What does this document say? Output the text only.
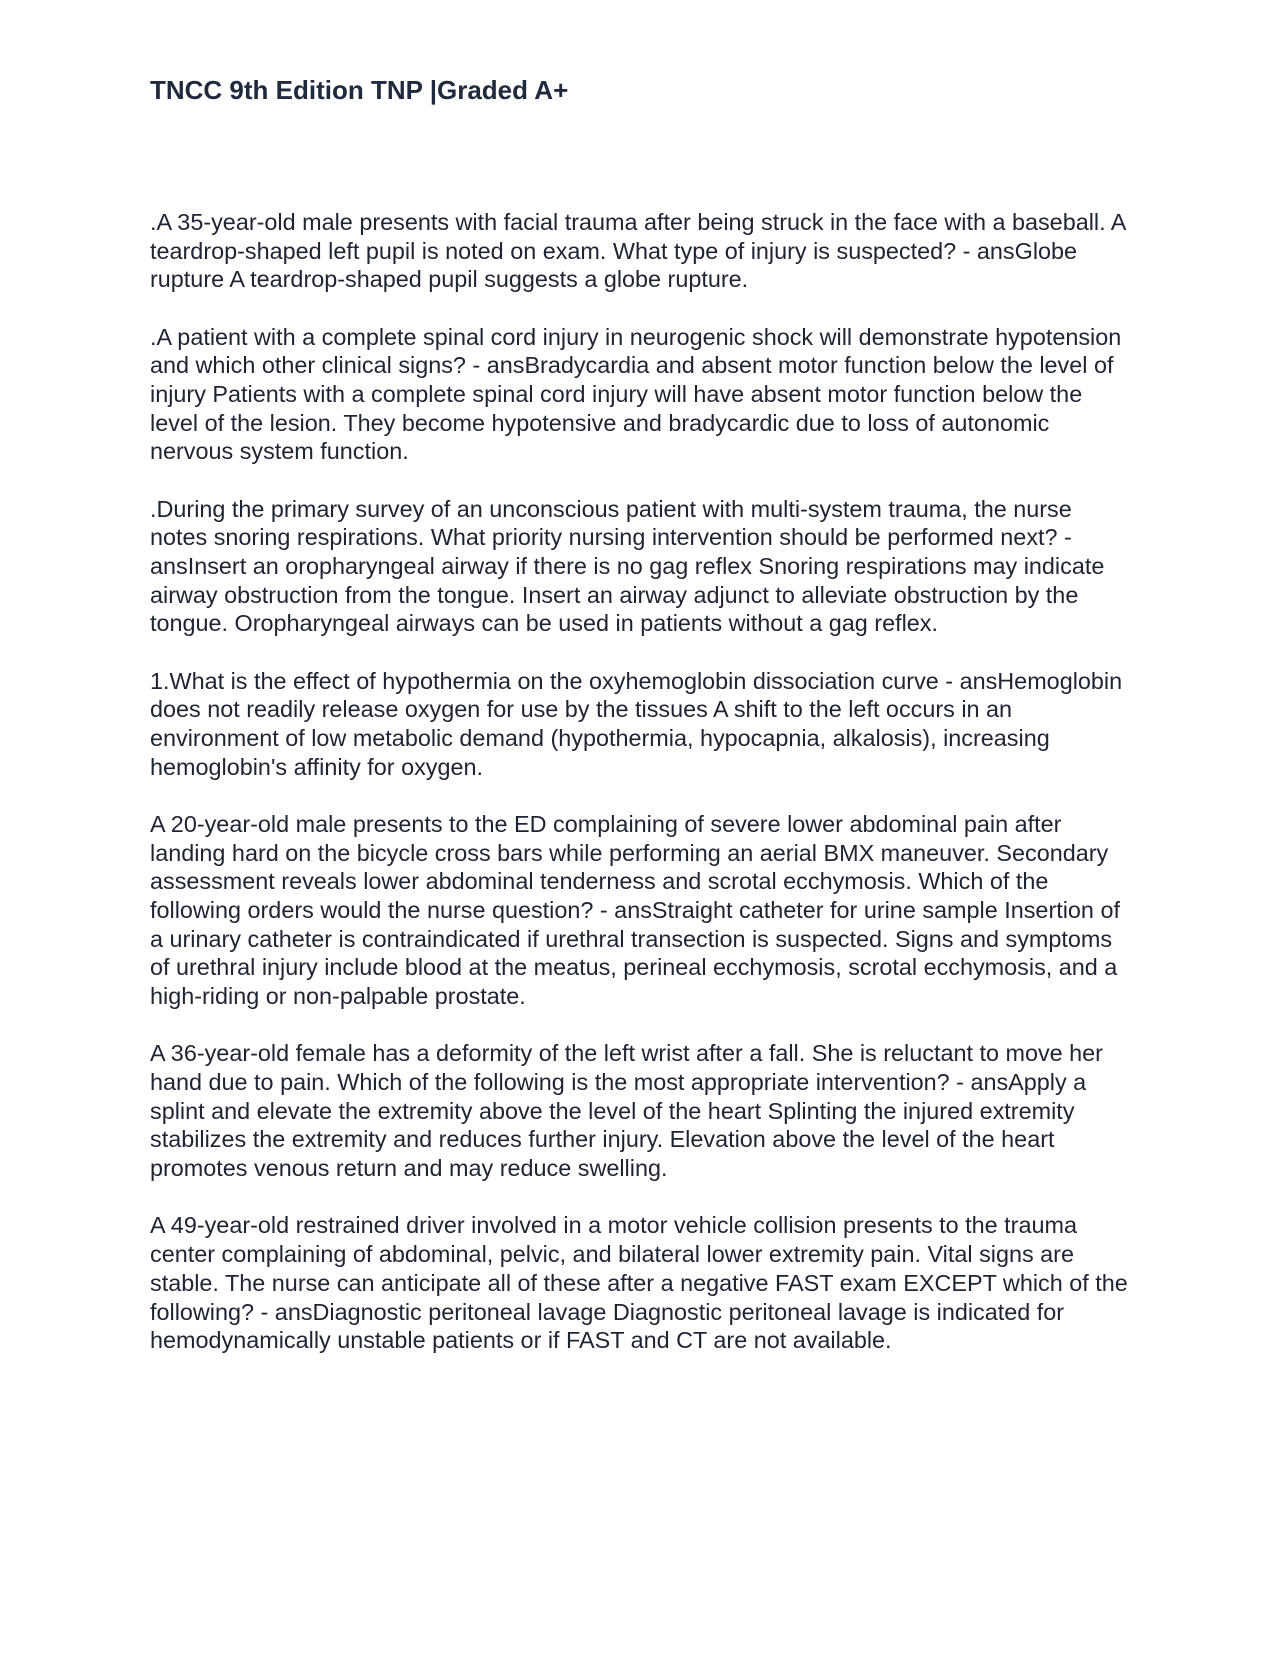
TNCC 9th Edition TNP |Graded A+

.A 35-year-old male presents with facial trauma after being struck in the face with a baseball. A teardrop-shaped left pupil is noted on exam. What type of injury is suspected? - ansGlobe rupture A teardrop-shaped pupil suggests a globe rupture.

.A patient with a complete spinal cord injury in neurogenic shock will demonstrate hypotension and which other clinical signs? - ansBradycardia and absent motor function below the level of injury Patients with a complete spinal cord injury will have absent motor function below the level of the lesion. They become hypotensive and bradycardic due to loss of autonomic nervous system function.

.During the primary survey of an unconscious patient with multi-system trauma, the nurse notes snoring respirations. What priority nursing intervention should be performed next? - ansInsert an oropharyngeal airway if there is no gag reflex Snoring respirations may indicate airway obstruction from the tongue. Insert an airway adjunct to alleviate obstruction by the tongue. Oropharyngeal airways can be used in patients without a gag reflex.

1.What is the effect of hypothermia on the oxyhemoglobin dissociation curve - ansHemoglobin does not readily release oxygen for use by the tissues A shift to the left occurs in an environment of low metabolic demand (hypothermia, hypocapnia, alkalosis), increasing hemoglobin's affinity for oxygen.

A 20-year-old male presents to the ED complaining of severe lower abdominal pain after landing hard on the bicycle cross bars while performing an aerial BMX maneuver. Secondary assessment reveals lower abdominal tenderness and scrotal ecchymosis. Which of the following orders would the nurse question? - ansStraight catheter for urine sample Insertion of a urinary catheter is contraindicated if urethral transection is suspected. Signs and symptoms of urethral injury include blood at the meatus, perineal ecchymosis, scrotal ecchymosis, and a high-riding or non-palpable prostate.

A 36-year-old female has a deformity of the left wrist after a fall. She is reluctant to move her hand due to pain. Which of the following is the most appropriate intervention? - ansApply a splint and elevate the extremity above the level of the heart Splinting the injured extremity stabilizes the extremity and reduces further injury. Elevation above the level of the heart promotes venous return and may reduce swelling.

A 49-year-old restrained driver involved in a motor vehicle collision presents to the trauma center complaining of abdominal, pelvic, and bilateral lower extremity pain. Vital signs are stable. The nurse can anticipate all of these after a negative FAST exam EXCEPT which of the following? - ansDiagnostic peritoneal lavage Diagnostic peritoneal lavage is indicated for hemodynamically unstable patients or if FAST and CT are not available.
